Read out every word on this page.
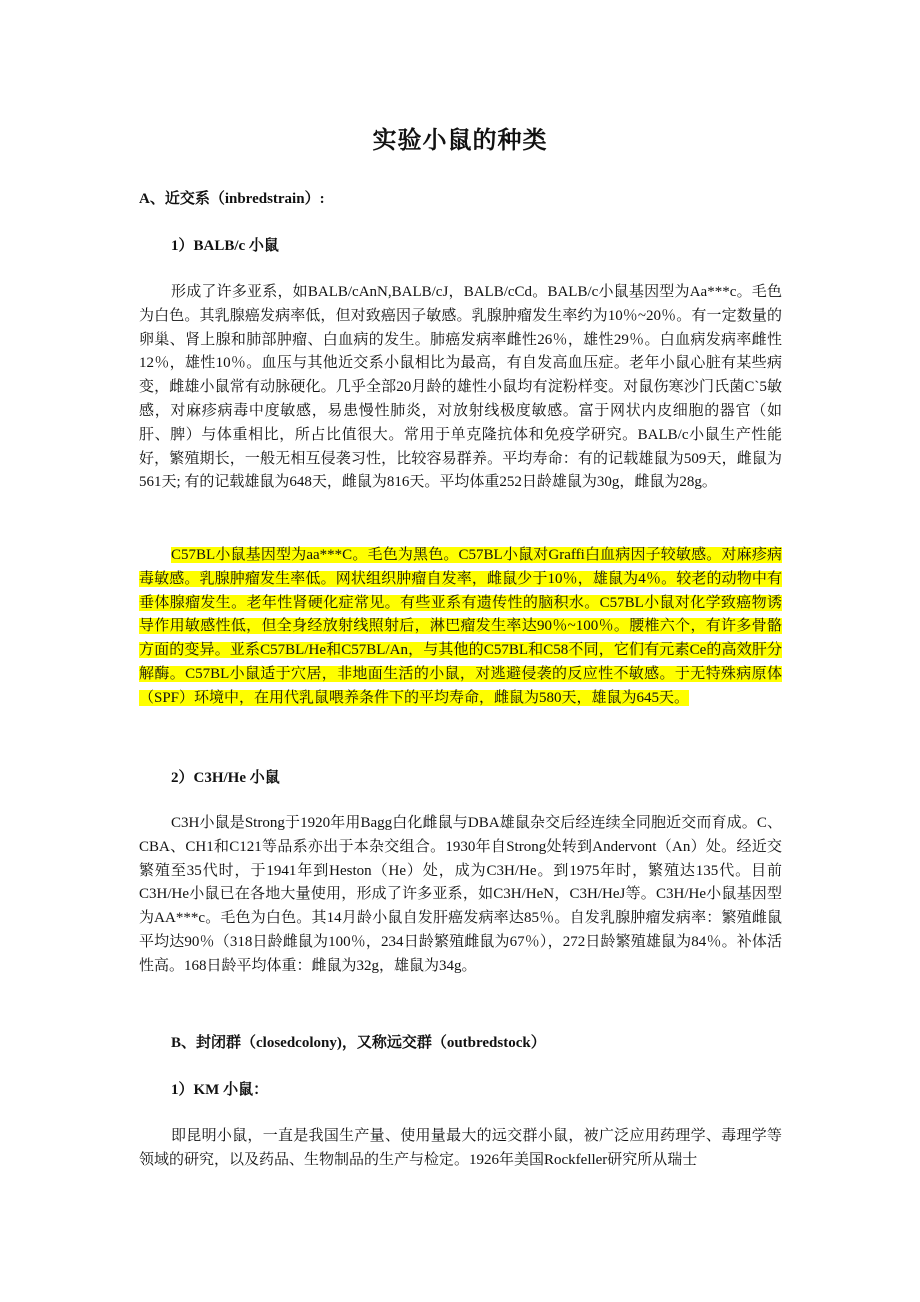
实验小鼠的种类
A、近交系（inbredstrain）:
1）BALB/c 小鼠
形成了许多亚系，如BALB/cAnN,BALB/cJ，BALB/cCd。BALB/c小鼠基因型为Aa***c。毛色为白色。其乳腺癌发病率低，但对致癌因子敏感。乳腺肿瘤发生率约为10％~20％。有一定数量的卵巢、肾上腺和肺部肿瘤、白血病的发生。肺癌发病率雌性26％，雄性29％。白血病发病率雌性12％，雄性10％。血压与其他近交系小鼠相比为最高，有自发高血压症。老年小鼠心脏有某些病变，雌雄小鼠常有动脉硬化。几乎全部20月龄的雄性小鼠均有淀粉样变。对鼠伤寒沙门氏菌C`5敏感，对麻疹病毒中度敏感，易患慢性肺炎，对放射线极度敏感。富于网状内皮细胞的器官（如肝、脾）与体重相比，所占比值很大。常用于单克隆抗体和免疫学研究。BALB/c小鼠生产性能好，繁殖期长，一般无相互侵袭习性，比较容易群养。平均寿命：有的记载雄鼠为509天，雌鼠为561天; 有的记载雄鼠为648天，雌鼠为816天。平均体重252日龄雄鼠为30g，雌鼠为28g。
C57BL小鼠基因型为aa***C。毛色为黑色。C57BL小鼠对Graffi白血病因子较敏感。对麻疹病毒敏感。乳腺肿瘤发生率低。网状组织肿瘤自发率，雌鼠少于10％，雄鼠为4％。较老的动物中有垂体腺瘤发生。老年性肾硬化症常见。有些亚系有遗传性的脑积水。C57BL小鼠对化学致癌物诱导作用敏感性低，但全身经放射线照射后，淋巴瘤发生率达90％~100％。腰椎六个，有许多骨骼方面的变异。亚系C57BL/He和C57BL/An，与其他的C57BL和C58不同，它们有元素Ce的高效肝分解酶。C57BL小鼠适于穴居，非地面生活的小鼠，对逃避侵袭的反应性不敏感。于无特殊病原体（SPF）环境中，在用代乳鼠喂养条件下的平均寿命，雌鼠为580天，雄鼠为645天。
2）C3H/He 小鼠
C3H小鼠是Strong于1920年用Bagg白化雌鼠与DBA雄鼠杂交后经连续全同胞近交而育成。C、CBA、CH1和C121等品系亦出于本杂交组合。1930年自Strong处转到Andervont（An）处。经近交繁殖至35代时，于1941年到Heston（He）处，成为C3H/He。到1975年时，繁殖达135代。目前C3H/He小鼠已在各地大量使用，形成了许多亚系，如C3H/HeN，C3H/HeJ等。C3H/He小鼠基因型为AA***c。毛色为白色。其14月龄小鼠自发肝癌发病率达85％。自发乳腺肿瘤发病率：繁殖雌鼠平均达90％（318日龄雌鼠为100％，234日龄繁殖雌鼠为67％），272日龄繁殖雄鼠为84％。补体活性高。168日龄平均体重：雌鼠为32g，雄鼠为34g。
B、封闭群（closedcolony)，又称远交群（outbredstock）
1）KM 小鼠：
即昆明小鼠，一直是我国生产量、使用量最大的远交群小鼠，被广泛应用药理学、毒理学等领域的研究，以及药品、生物制品的生产与检定。1926年美国Rockfeller研究所从瑞士
